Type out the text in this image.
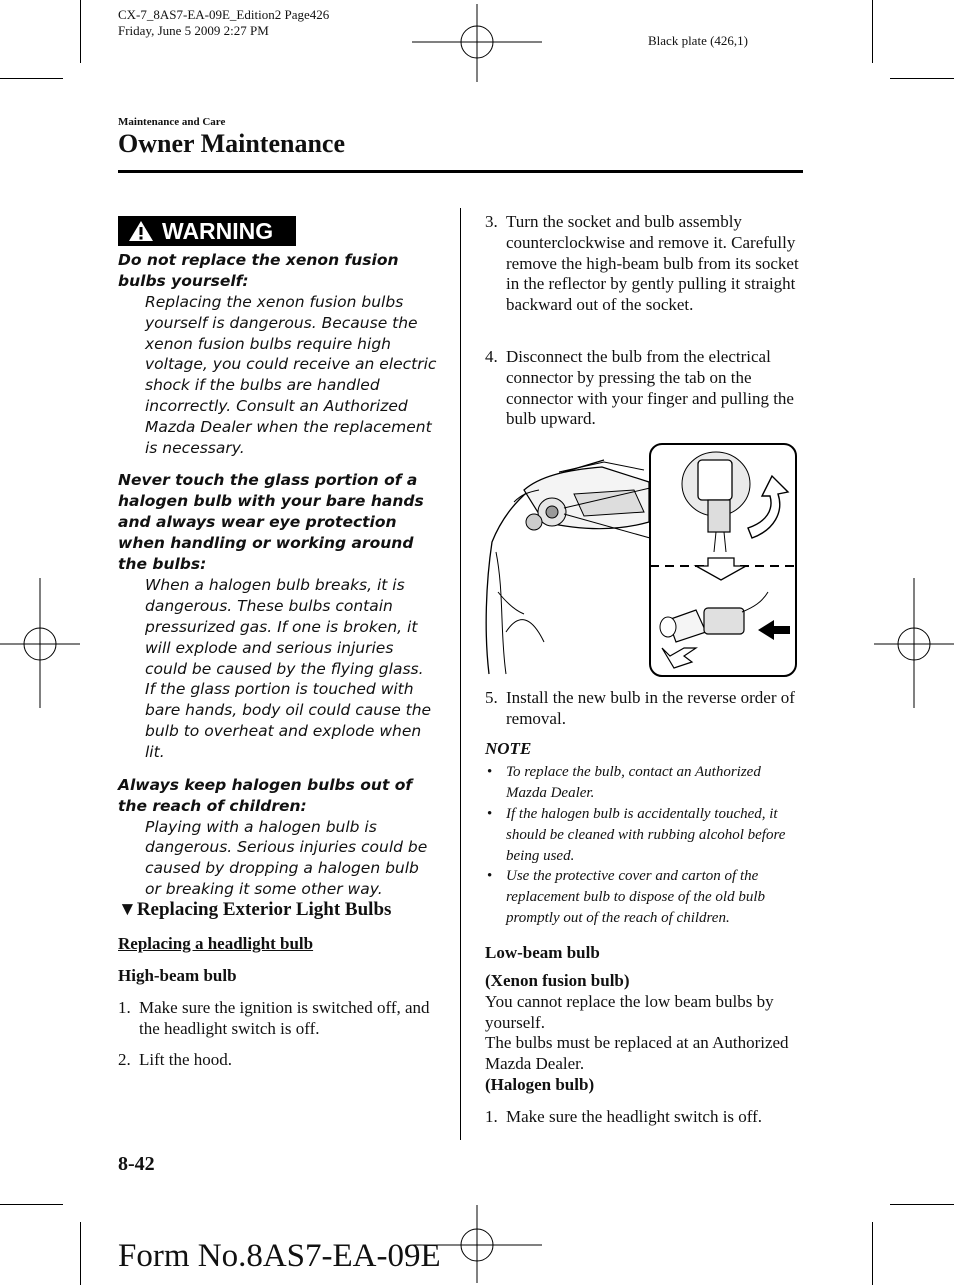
CX-7_8AS7-EA-09E_Edition2 Page426
Friday, June 5 2009 2:27 PM
Black plate (426,1)
Maintenance and Care
Owner Maintenance
WARNING
Do not replace the xenon fusion bulbs yourself:
Replacing the xenon fusion bulbs yourself is dangerous. Because the xenon fusion bulbs require high voltage, you could receive an electric shock if the bulbs are handled incorrectly. Consult an Authorized Mazda Dealer when the replacement is necessary.
Never touch the glass portion of a halogen bulb with your bare hands and always wear eye protection when handling or working around the bulbs:
When a halogen bulb breaks, it is dangerous. These bulbs contain pressurized gas. If one is broken, it will explode and serious injuries could be caused by the flying glass. If the glass portion is touched with bare hands, body oil could cause the bulb to overheat and explode when lit.
Always keep halogen bulbs out of the reach of children:
Playing with a halogen bulb is dangerous. Serious injuries could be caused by dropping a halogen bulb or breaking it some other way.
▼Replacing Exterior Light Bulbs
Replacing a headlight bulb
High-beam bulb
1. Make sure the ignition is switched off, and the headlight switch is off.
2. Lift the hood.
3. Turn the socket and bulb assembly counterclockwise and remove it. Carefully remove the high-beam bulb from its socket in the reflector by gently pulling it straight backward out of the socket.
4. Disconnect the bulb from the electrical connector by pressing the tab on the connector with your finger and pulling the bulb upward.
5. Install the new bulb in the reverse order of removal.
NOTE
• To replace the bulb, contact an Authorized Mazda Dealer.
• If the halogen bulb is accidentally touched, it should be cleaned with rubbing alcohol before being used.
• Use the protective cover and carton of the replacement bulb to dispose of the old bulb promptly out of the reach of children.
Low-beam bulb
(Xenon fusion bulb)
You cannot replace the low beam bulbs by yourself.
The bulbs must be replaced at an Authorized Mazda Dealer.
(Halogen bulb)
1. Make sure the headlight switch is off.
8-42
Form No.8AS7-EA-09E
